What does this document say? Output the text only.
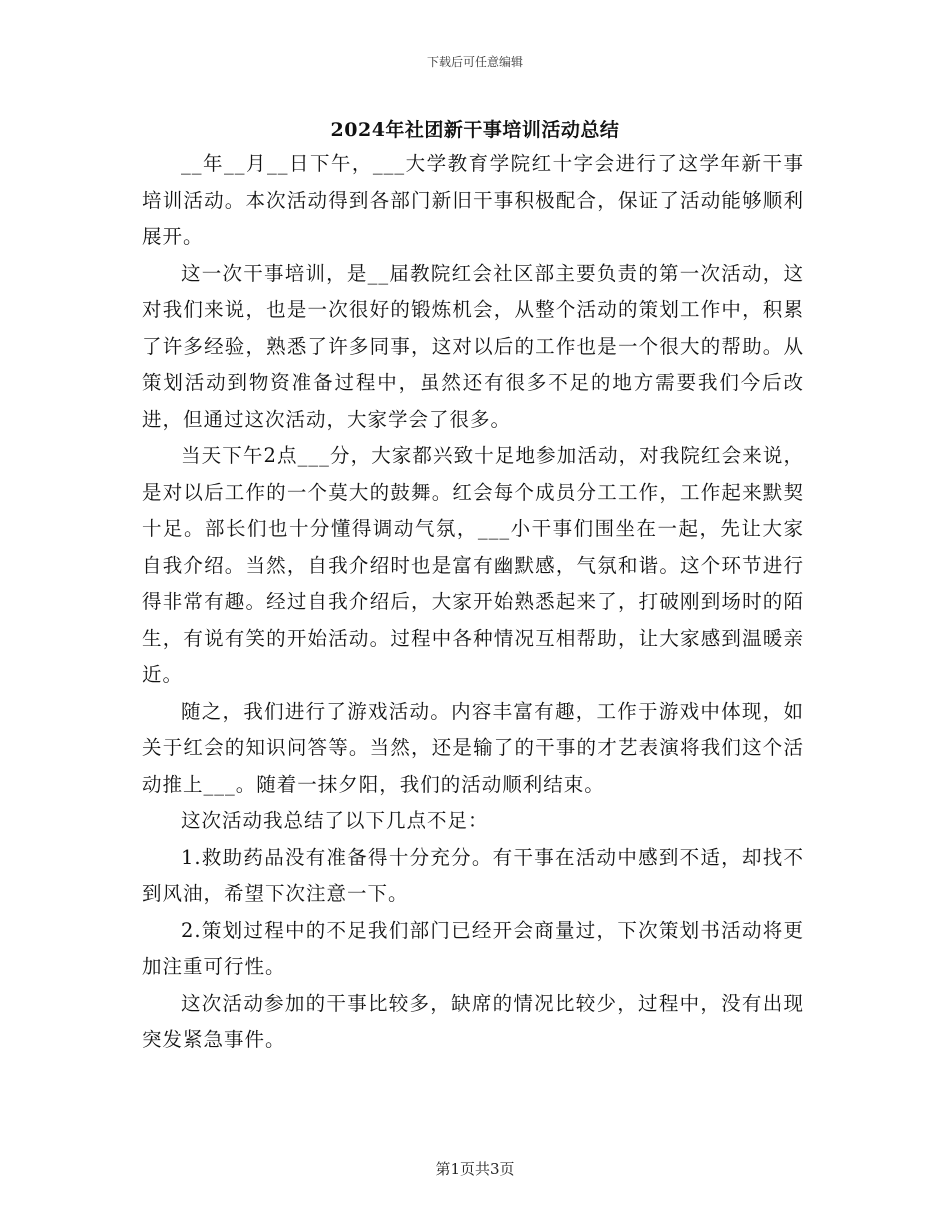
下载后可任意编辑
2024年社团新干事培训活动总结

__年__月__日下午，___大学教育学院红十字会进行了这学年新干事培训活动。本次活动得到各部门新旧干事积极配合，保证了活动能够顺利展开。

这一次干事培训，是__届教院红会社区部主要负责的第一次活动，这对我们来说，也是一次很好的锻炼机会，从整个活动的策划工作中，积累了许多经验，熟悉了许多同事，这对以后的工作也是一个很大的帮助。从策划活动到物资准备过程中，虽然还有很多不足的地方需要我们今后改进，但通过这次活动，大家学会了很多。

当天下午2点___分，大家都兴致十足地参加活动，对我院红会来说，是对以后工作的一个莫大的鼓舞。红会每个成员分工工作，工作起来默契十足。部长们也十分懂得调动气氛，___小干事们围坐在一起，先让大家自我介绍。当然，自我介绍时也是富有幽默感，气氛和谐。这个环节进行得非常有趣。经过自我介绍后，大家开始熟悉起来了，打破刚到场时的陌生，有说有笑的开始活动。过程中各种情况互相帮助，让大家感到温暖亲近。

随之，我们进行了游戏活动。内容丰富有趣，工作于游戏中体现，如关于红会的知识问答等。当然，还是输了的干事的才艺表演将我们这个活动推上___。随着一抹夕阳，我们的活动顺利结束。

这次活动我总结了以下几点不足：

1.救助药品没有准备得十分充分。有干事在活动中感到不适，却找不到风油，希望下次注意一下。

2.策划过程中的不足我们部门已经开会商量过，下次策划书活动将更加注重可行性。

这次活动参加的干事比较多，缺席的情况比较少，过程中，没有出现突发紧急事件。

第1页共3页
